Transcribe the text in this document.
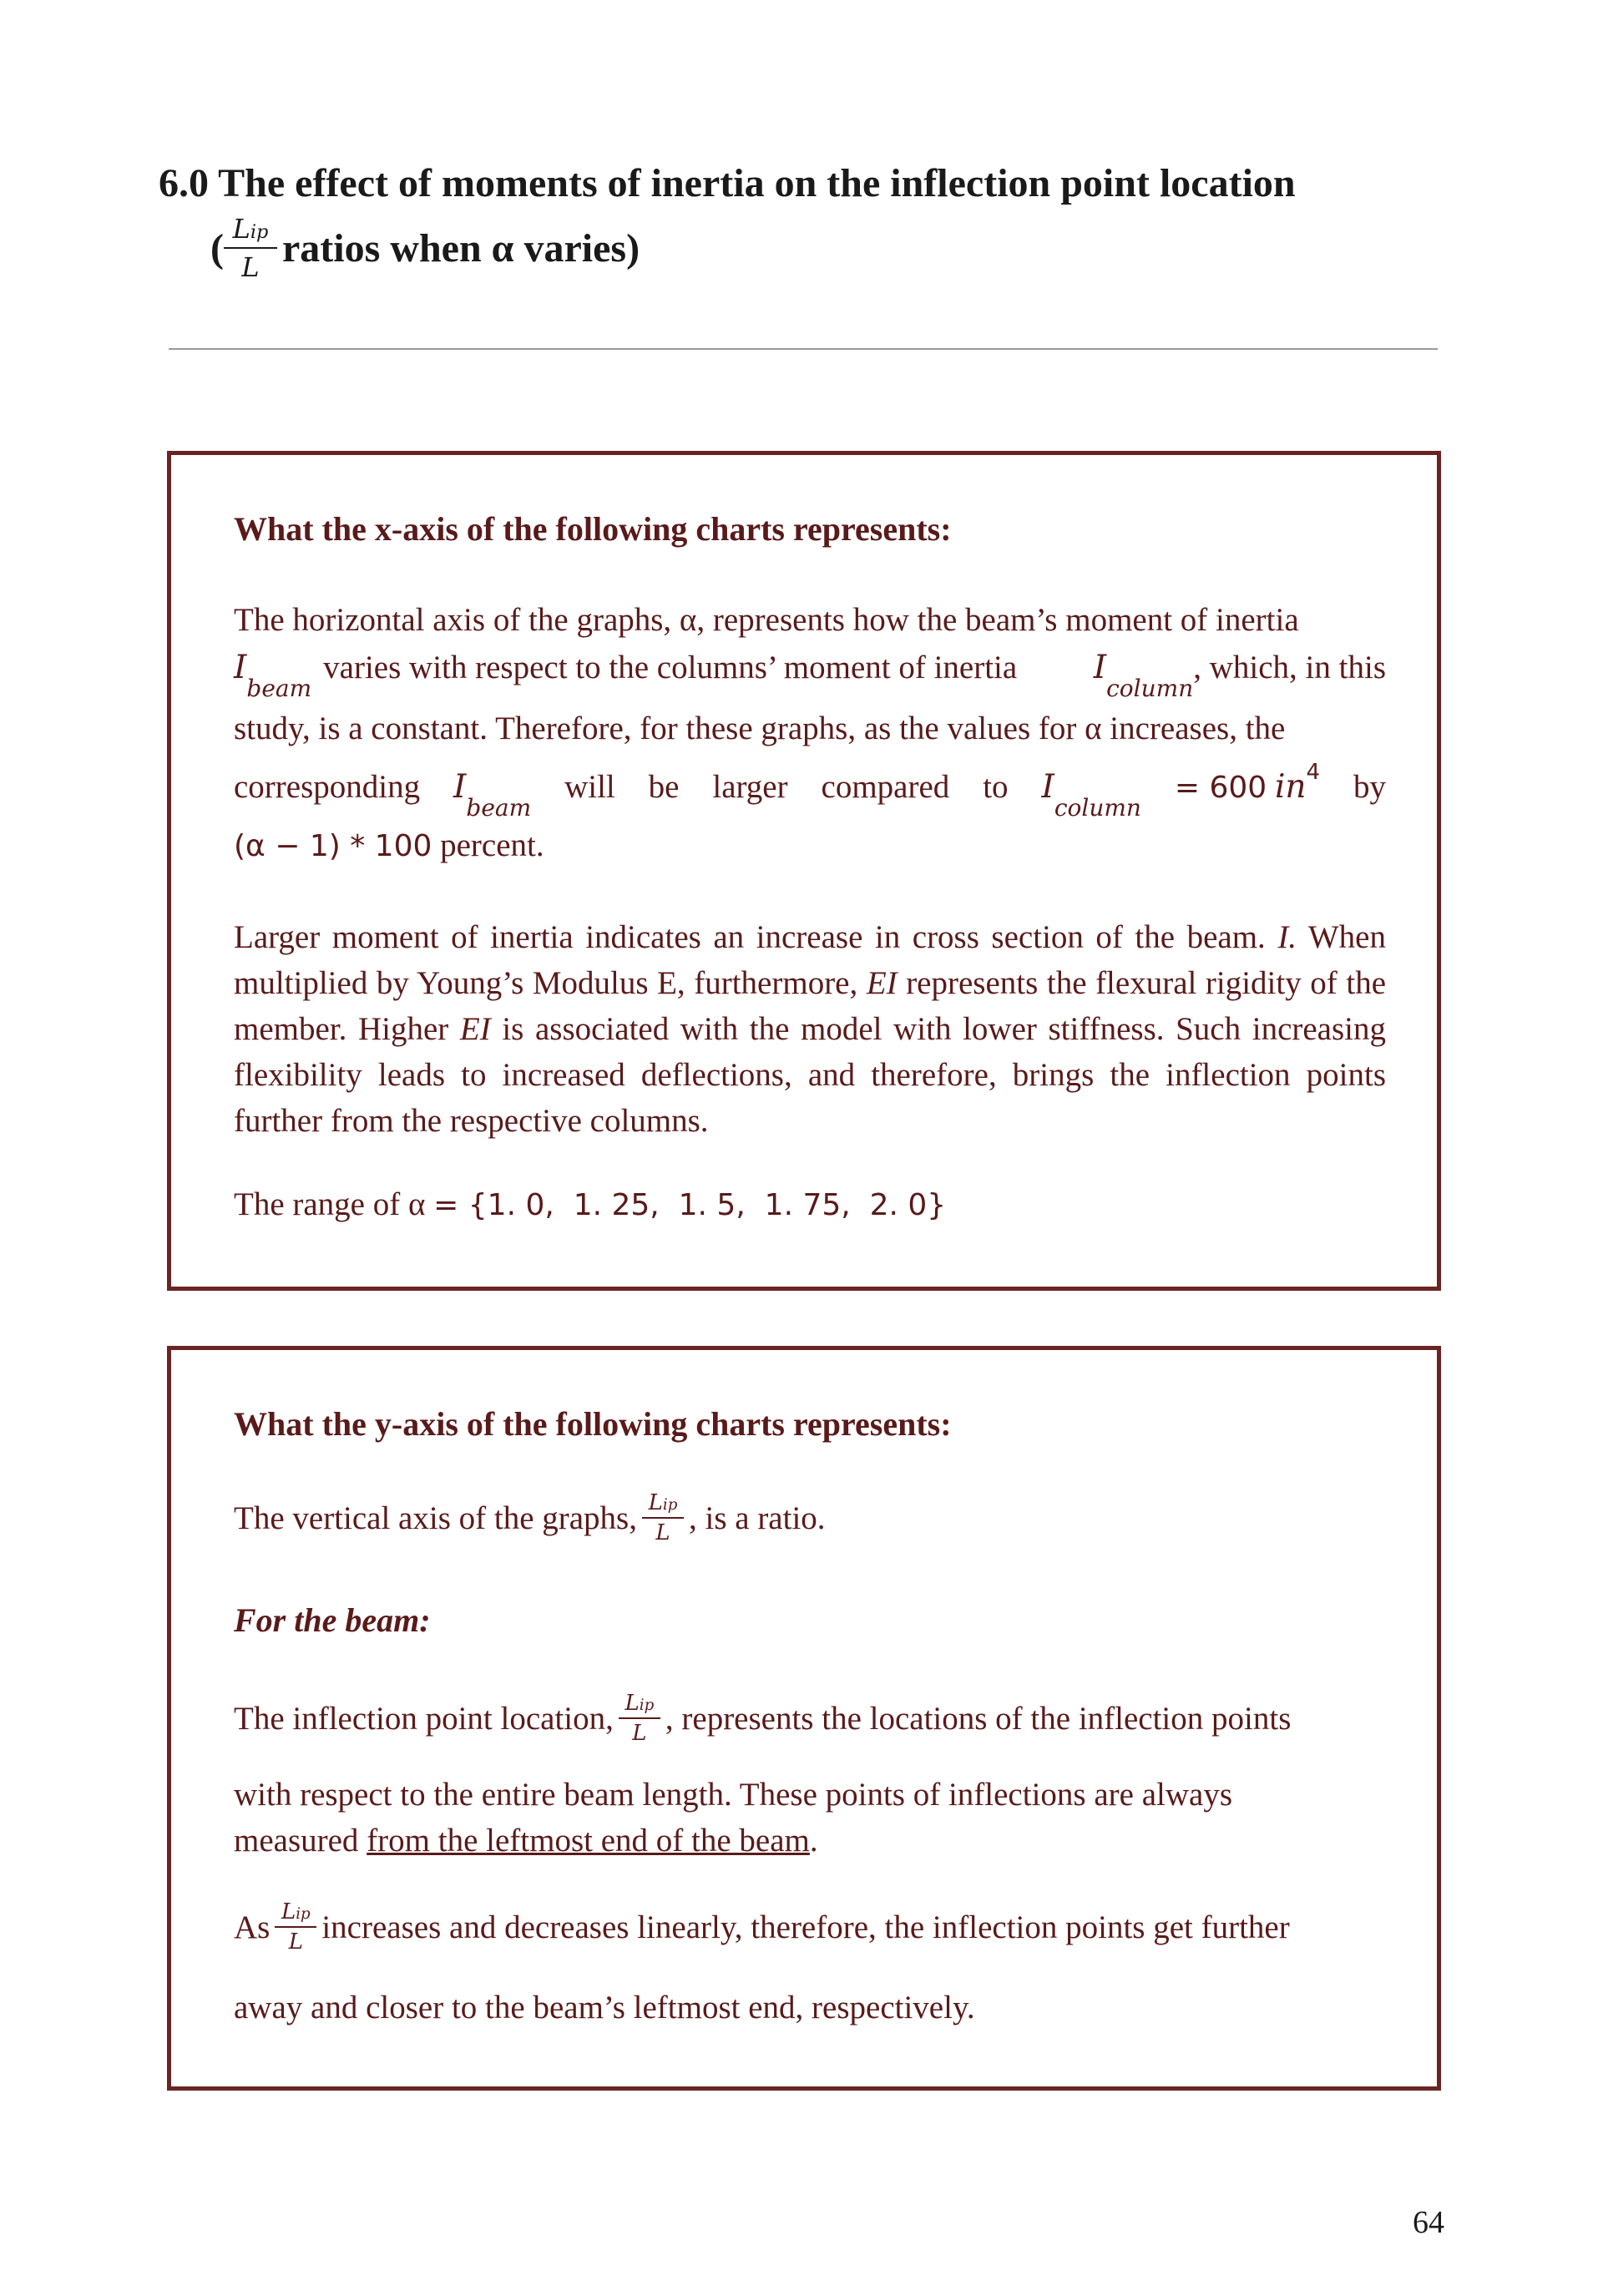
6.0 The effect of moments of inertia on the inflection point location
( $\frac{\text{Lip}}{L}$ ratios when α varies)
What the x-axis of the following charts represents:
The horizontal axis of the graphs, α, represents how the beam’s moment of inertia
I
beam
varies with respect to the columns’ moment of inertia I
column
, which, in this
study, is a constant. Therefore, for these graphs, as the values for α increases, the
corresponding $I_{beam}$
will be larger compared to $I_{column}$
= 600 $in^4$ by
(α − 1) * 100 percent.
Larger moment of inertia indicates an increase in cross section of the beam. I. When multiplied by Young’s Modulus E, furthermore, EI represents the flexural rigidity of the member. Higher EI is associated with the model with lower stiffness. Such increasing flexibility leads to increased deflections, and therefore, brings the inflection points further from the respective columns.
The range of α = {1. 0,  1. 25,  1. 5,  1. 75,  2. 0}
What the y-axis of the following charts represents:
The vertical axis of the graphs, $\frac{\text{Lip}}{L}$ , is a ratio.
For the beam:
The inflection point location, $\frac{\text{Lip}}{L}$ , represents the locations of the inflection points
with respect to the entire beam length. These points of inflections are always
measured from the leftmost end of the beam .
As $\frac{\text{Lip}}{L}$ increases and decreases linearly, therefore, the inflection points get further
away and closer to the beam’s leftmost end, respectively.
64
